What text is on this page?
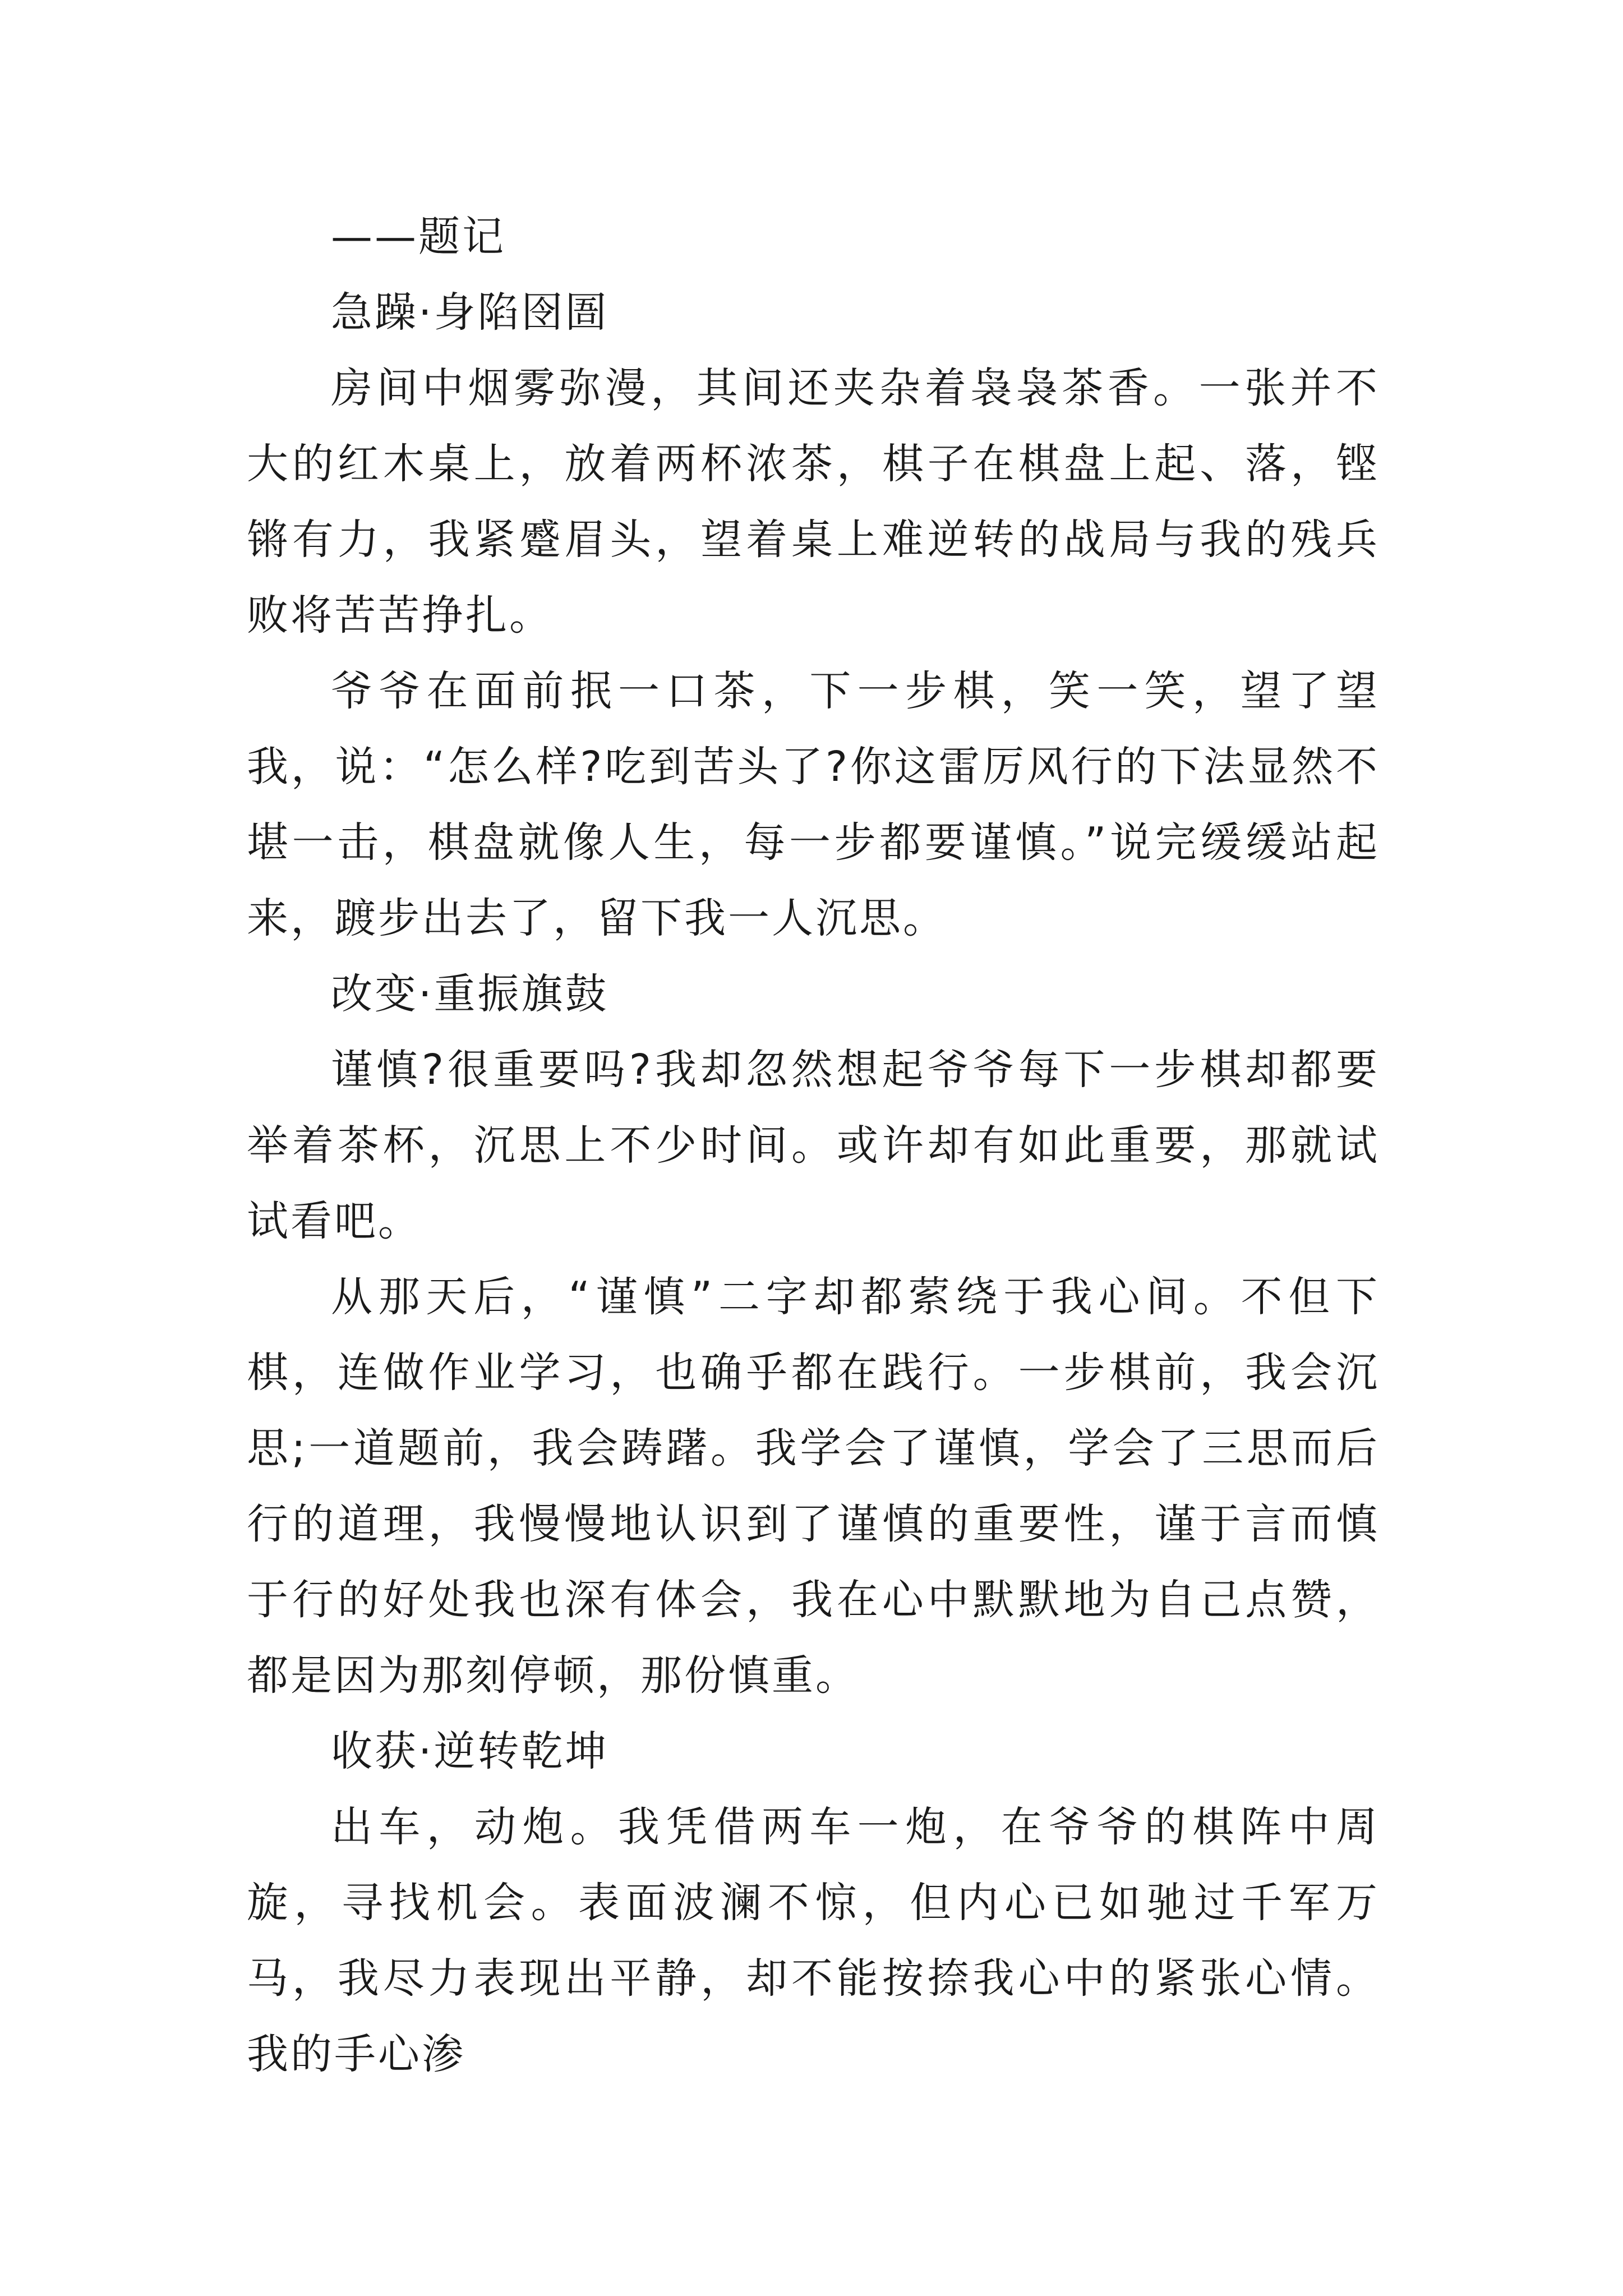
——题记

急躁·身陷囹圄

房间中烟雾弥漫，其间还夹杂着袅袅茶香。一张并不大的红木桌上，放着两杯浓茶，棋子在棋盘上起、落，铿锵有力，我紧蹙眉头，望着桌上难逆转的战局与我的残兵败将苦苦挣扎。

爷爷在面前抿一口茶，下一步棋，笑一笑，望了望我，说：“怎么样?吃到苦头了?你这雷厉风行的下法显然不堪一击，棋盘就像人生，每一步都要谨慎。”说完缓缓站起来，踱步出去了，留下我一人沉思。

改变·重振旗鼓

谨慎?很重要吗?我却忽然想起爷爷每下一步棋却都要举着茶杯，沉思上不少时间。或许却有如此重要，那就试试看吧。

从那天后，“谨慎”二字却都萦绕于我心间。不但下棋，连做作业学习，也确乎都在践行。一步棋前，我会沉思;一道题前，我会踌躇。我学会了谨慎，学会了三思而后行的道理，我慢慢地认识到了谨慎的重要性，谨于言而慎于行的好处我也深有体会，我在心中默默地为自己点赞，都是因为那刻停顿，那份慎重。

收获·逆转乾坤

出车，动炮。我凭借两车一炮，在爷爷的棋阵中周旋，寻找机会。表面波澜不惊，但内心已如驰过千军万马，我尽力表现出平静，却不能按捺我心中的紧张心情。我的手心渗
